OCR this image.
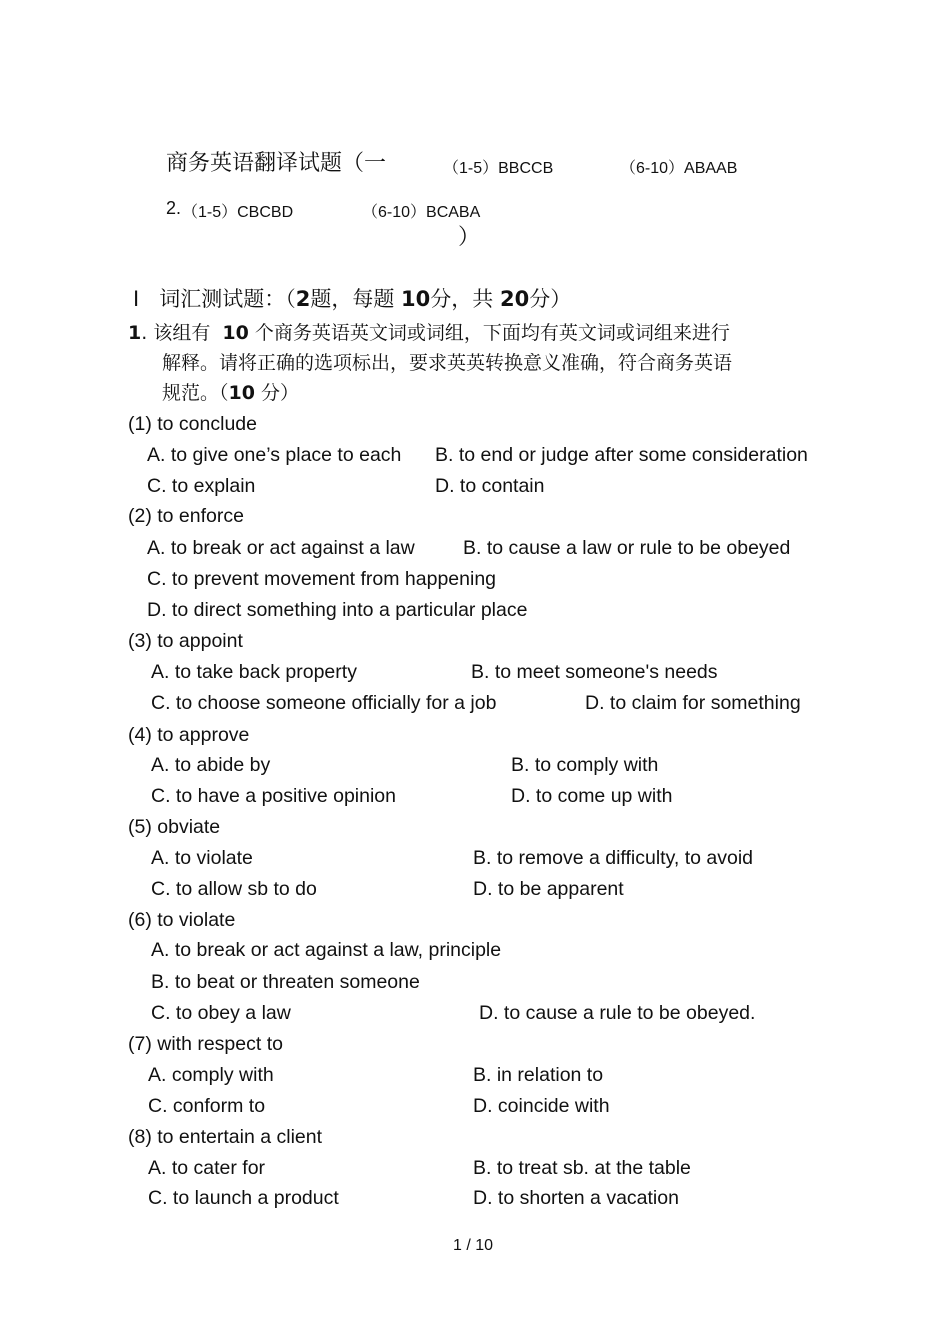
商务英语翻译试题（一	（1-5）BBCCB	（6-10）ABAAB
2. （1-5）CBCBD	（6-10）BCABA
）
Ⅰ 词汇测试题：（2题，每题 10分，共 20分）
1. 该组有 10 个商务英语英文词或词组，下面均有英文词或词组来进行
解释。请将正确的选项标出，要求英英转换意义准确，符合商务英语
规范。（10 分）
(1) to conclude
A. to give one’s place to each B. to end or judge after some consideration
C. to explain	D. to contain
(2) to enforce
A. to break or act against a law B. to cause a law or rule to be obeyed
C. to prevent movement from happening
D. to direct something into a particular place
(3) to appoint
A. to take back property	B. to meet someone's needs
C. to choose someone officially for a job	D. to claim for something
(4) to approve
A. to abide by	B. to comply with
C. to have a positive opinion	D. to come up with
(5) obviate
A. to violate	B. to remove a difficulty, to avoid
C. to allow sb to do	D. to be apparent
(6) to violate
A. to break or act against a law, principle
B. to beat or threaten someone
C. to obey a law	D. to cause a rule to be obeyed.
(7) with respect to
A. comply with	B. in relation to
C. conform to	D. coincide with
(8) to entertain a client
A. to cater for	B. to treat sb. at the table
C. to launch a product	D. to shorten a vacation
1 / 10
